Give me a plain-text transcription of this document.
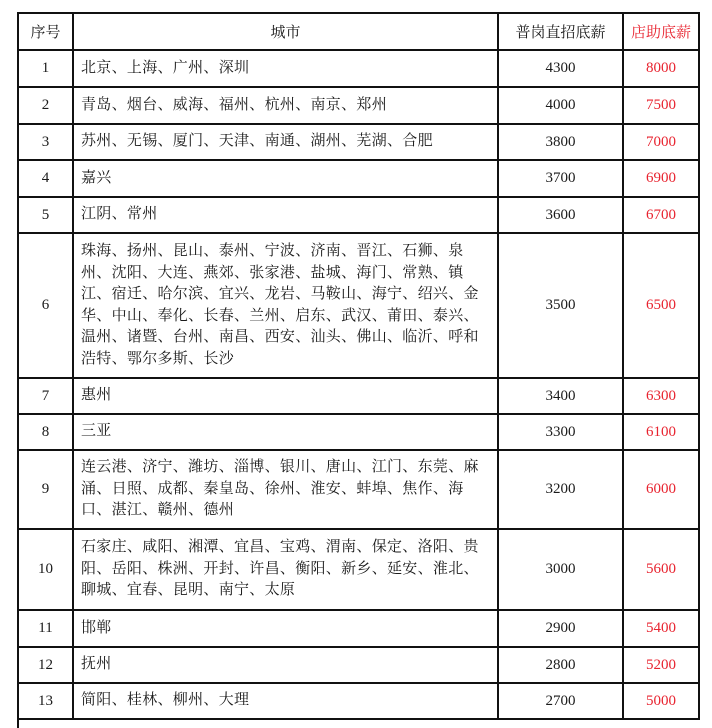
序号	城市	普岗直招底薪	店助底薪
1	北京、上海、广州、深圳	4300	8000
2	青岛、烟台、威海、福州、杭州、南京、郑州	4000	7500
3	苏州、无锡、厦门、天津、南通、湖州、芜湖、合肥	3800	7000
4	嘉兴	3700	6900
5	江阴、常州	3600	6700
6	珠海、扬州、昆山、泰州、宁波、济南、晋江、石狮、泉州、沈阳、大连、燕郊、张家港、盐城、海门、常熟、镇江、宿迁、哈尔滨、宜兴、龙岩、马鞍山、海宁、绍兴、金华、中山、奉化、长春、兰州、启东、武汉、莆田、泰兴、温州、诸暨、台州、南昌、西安、汕头、佛山、临沂、呼和浩特、鄂尔多斯、长沙	3500	6500
7	惠州	3400	6300
8	三亚	3300	6100
9	连云港、济宁、潍坊、淄博、银川、唐山、江门、东莞、麻涌、日照、成都、秦皇岛、徐州、淮安、蚌埠、焦作、海口、湛江、赣州、德州	3200	6000
10	石家庄、咸阳、湘潭、宜昌、宝鸡、渭南、保定、洛阳、贵阳、岳阳、株洲、开封、许昌、衡阳、新乡、延安、淮北、聊城、宜春、昆明、南宁、太原	3000	5600
11	邯郸	2900	5400
12	抚州	2800	5200
13	简阳、桂林、柳州、大理	2700	5000
